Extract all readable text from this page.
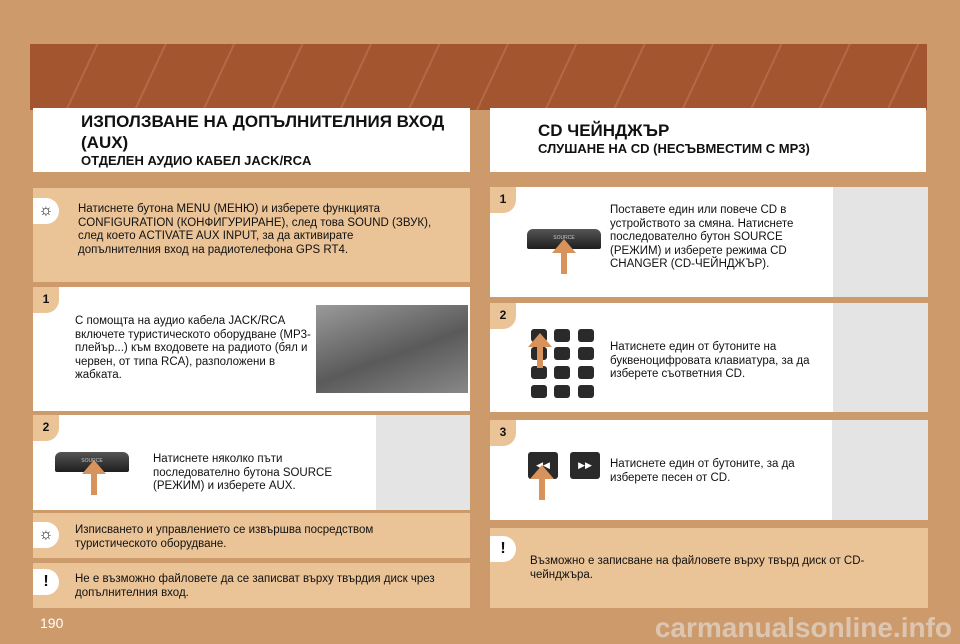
ИЗПОЛЗВАНЕ НА ДОПЪЛНИТЕЛНИЯ ВХОД (AUX)
ОТДЕЛЕН АУДИО КАБЕЛ JACK/RCA
CD ЧЕЙНДЖЪР
СЛУШАНЕ НА CD (НЕСЪВМЕСТИМ С MP3)
☼	Натиснете бутона MENU (МЕНЮ) и изберете функцията CONFIGURATION (КОНФИГУРИРАНЕ), след това SOUND (ЗВУК), след което ACTIVATE AUX INPUT, за да активирате допълнителния вход на радиотелефона GPS RT4.
1
С помощта на аудио кабела JACK/RCA включете туристическото оборудване (MP3-плейър...) към входовете на радиото (бял и червен, от типа RCA), разположени в жабката.
2
SOURCE	Натиснете няколко пъти последователно бутона SOURCE (РЕЖИМ) и изберете AUX.
☼	Изписването и управлението се извършва посредством туристическото оборудване.
!	Не е възможно файловете да се записват върху твърдия диск чрез допълнителния вход.
1
SOURCE
Поставете един или повече CD в устройството за смяна. Натиснете последователно бутон SOURCE (РЕЖИМ) и изберете режима CD CHANGER (CD-ЧЕЙНДЖЪР).
2
Натиснете един от бутоните на буквеноцифровата клавиатура, за да изберете съответния CD.
3
◀◀	▶▶	Натиснете един от бутоните, за да изберете песен от CD.
!
Възможно е записване на файловете върху твърд диск от CD-чейнджъра.
190	carmanualsonline.info
